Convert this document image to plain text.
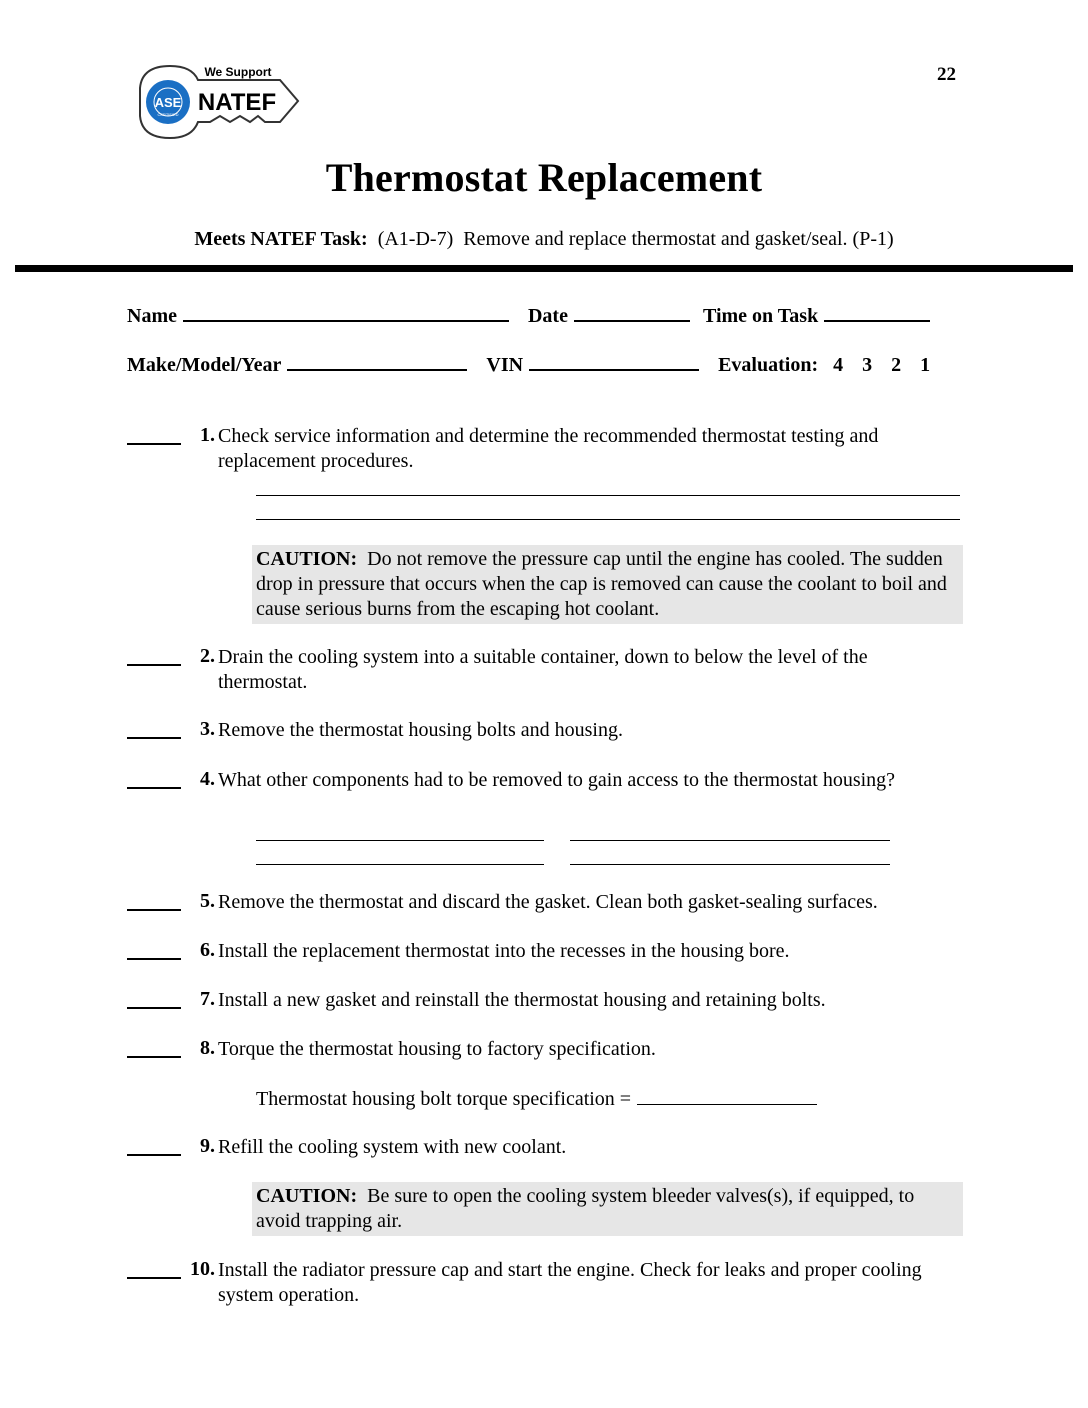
22
ASE
CERTIFIED
We Support
NATEF
Thermostat Replacement
Meets NATEF Task: (A1-D-7) Remove and replace thermostat and gasket/seal. (P-1)
Name	Date	Time on Task
Make/Model/Year	VIN	Evaluation: 4 3 2 1
1. Check service information and determine the recommended thermostat testing and replacement procedures.
CAUTION: Do not remove the pressure cap until the engine has cooled. The sudden drop in pressure that occurs when the cap is removed can cause the coolant to boil and cause serious burns from the escaping hot coolant.
2. Drain the cooling system into a suitable container, down to below the level of the thermostat.
3. Remove the thermostat housing bolts and housing.
4. What other components had to be removed to gain access to the thermostat housing?
5. Remove the thermostat and discard the gasket. Clean both gasket-sealing surfaces.
6. Install the replacement thermostat into the recesses in the housing bore.
7. Install a new gasket and reinstall the thermostat housing and retaining bolts.
8. Torque the thermostat housing to factory specification.
Thermostat housing bolt torque specification =
9. Refill the cooling system with new coolant.
CAUTION: Be sure to open the cooling system bleeder valves(s), if equipped, to avoid trapping air.
10. Install the radiator pressure cap and start the engine. Check for leaks and proper cooling system operation.
